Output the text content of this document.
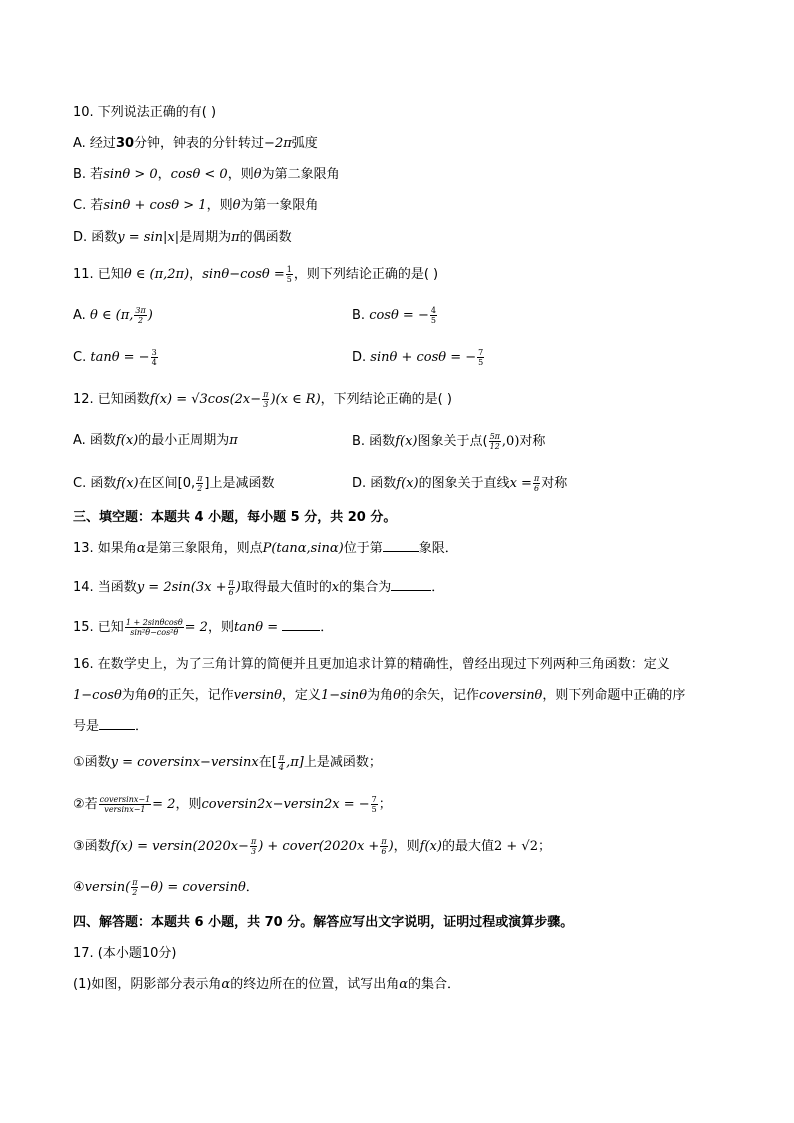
10. 下列说法正确的有( )
A. 经过30分钟，钟表的分针转过−2π弧度
B. 若sinθ > 0，cosθ < 0，则θ为第二象限角
C. 若sinθ + cosθ > 1，则θ为第一象限角
D. 函数y = sin|x|是周期为π的偶函数
11. 已知θ ∈ (π,2π)，$\sin\theta-\cos\theta = \frac{1}{5}$ ，则下列结论正确的是( )
A. θ ∈ (π, $\frac{3\pi}{2}$ )	B. cosθ = − $\frac{4}{5}$
C. tanθ = − $\frac{3}{4}$	D. sinθ + cosθ = − $\frac{7}{5}$
12. 已知函数$f(x) = √3\cos(2x- \frac{\pi}{3} )(x$ ∈ R)，下列结论正确的是( )
A. 函数f(x)的最小正周期为π	B. 函数f(x)图象关于点( $\frac{5\pi}{12} ,0$)对称
C. 函数f(x)在区间[0, $\frac{\pi}{2}$ ]上是减函数	D. 函数f(x)的图象关于直线$x = \frac{\pi}{6}$ 对称
三、填空题：本题共 4 小题，每小题 5 分，共 20 分。
13. 如果角α是第三象限角，则点P(tanα,sinα)位于第	象限．
14. 当函数$y = 2\sin(3x + \frac{\pi}{6}$ )取得最大值时的x的集合为	．
15. 已知 $\frac{1 + 2\sin\theta\cos\theta}{\text{sin²θ−cos²θ}} = 2$，则tanθ =	．
16. 在数学史上，为了三角计算的简便并且更加追求计算的精确性，曾经出现过下列两种三角函数：定义
1−cosθ为角θ的正矢，记作versinθ，定义1−sinθ为角θ的余矢，记作coversinθ，则下列命题中正确的序
号是	．
①函数y = coversinx−versinx在[ $\frac{\pi}{4} ,\pi$]上是减函数；
②若 $\frac{\text{coversinx−1}}{\text{versinx−1}} = 2$，则coversin2x−versin2x = − $\frac{7}{5}$ ；
③函数$f(x) = versin(2020x- \frac{\pi}{3}$ ) + cover(2020x + $\frac{\pi}{6}$ )，则f(x)的最大值2 + √2；
④versin( $\frac{\pi}{2} -\theta$) = coversinθ．
四、解答题：本题共 6 小题，共 70 分。解答应写出文字说明，证明过程或演算步骤。
17. (本小题10分)
(1)如图，阴影部分表示角α的终边所在的位置，试写出角α的集合．
